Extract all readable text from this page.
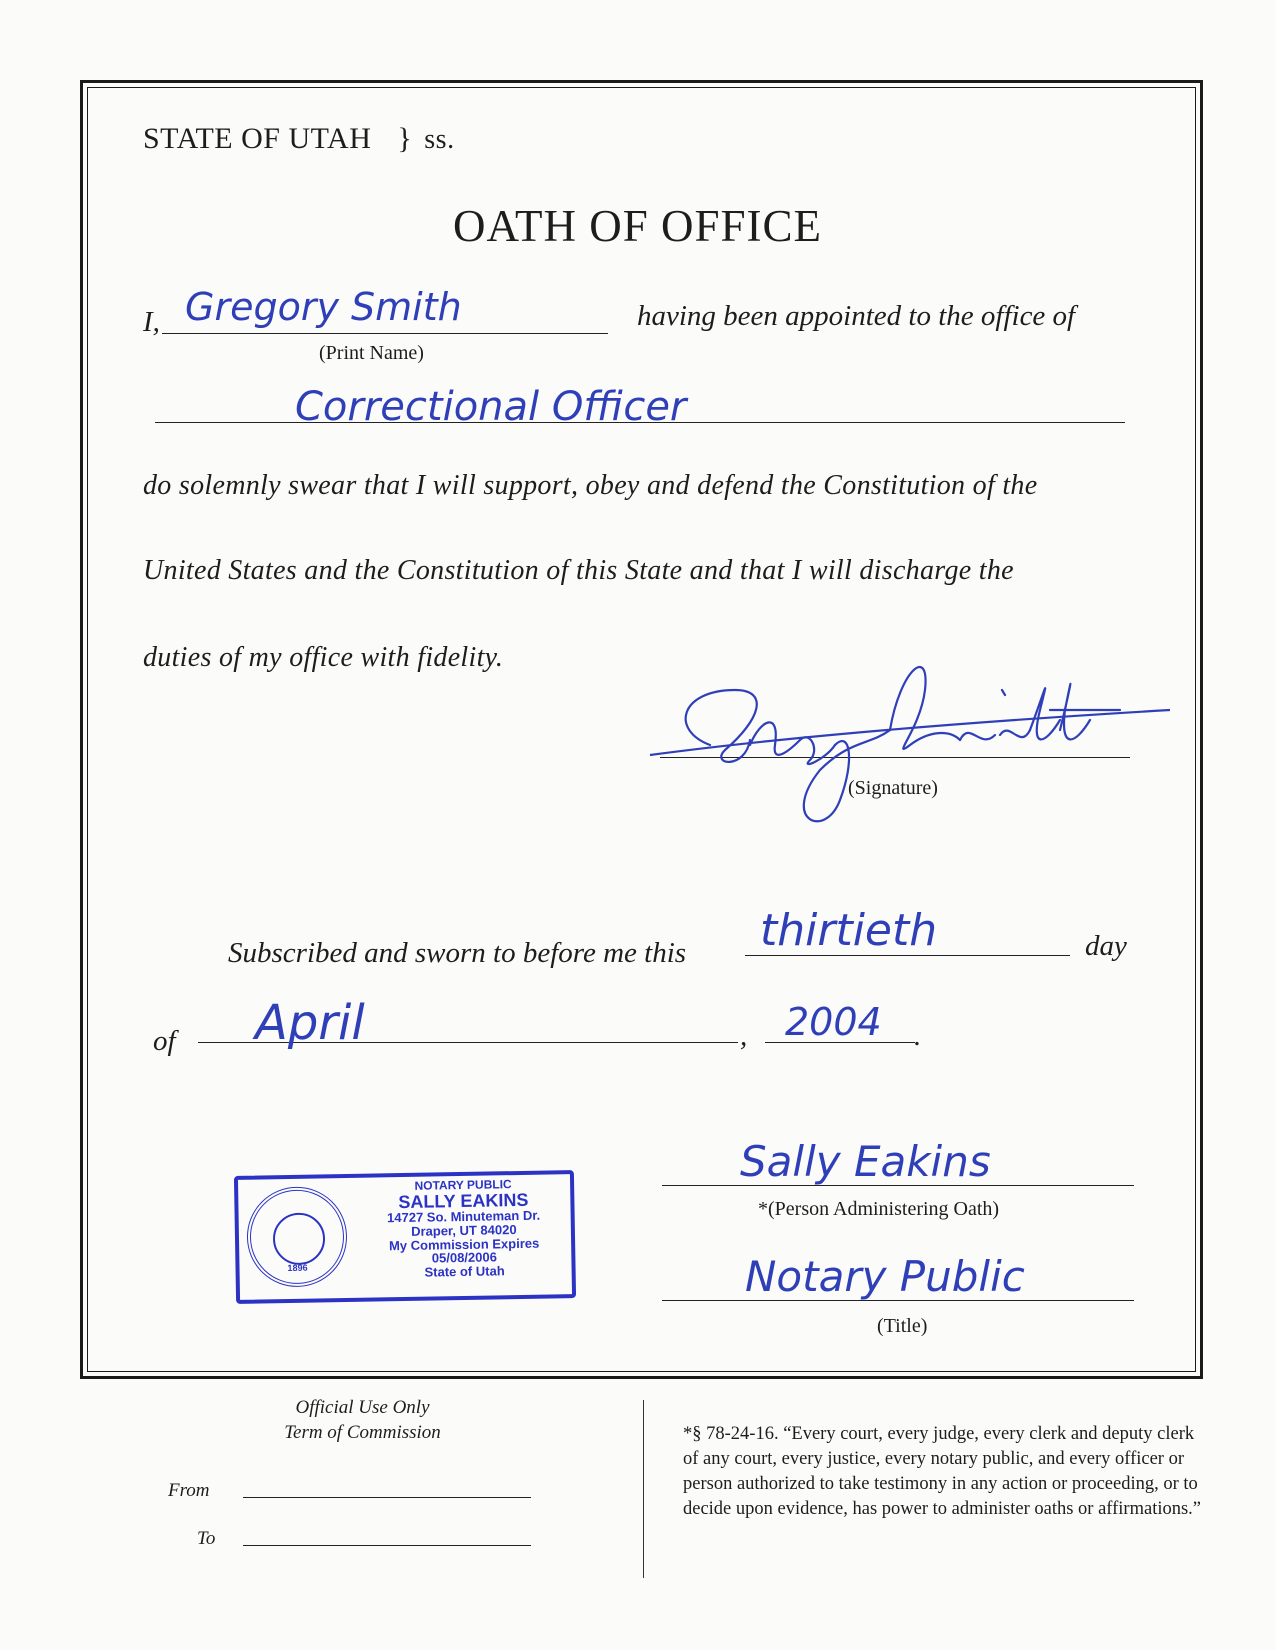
STATE OF UTAH } ss.
OATH OF OFFICE
I, Gregory Smith
(Print Name)
having been appointed to the office of
Correctional Officer
do solemnly swear that I will support, obey and defend the Constitution of the
United States and the Constitution of this State and that I will discharge the
duties of my office with fidelity.
(Signature)
Subscribed and sworn to before me this thirtieth	day
of April	, 2004 .
Sally Eakins
*(Person Administering Oath)
Notary Public
(Title)
1896
NOTARY PUBLIC
SALLY EAKINS
14727 So. Minuteman Dr.
Draper, UT 84020
My Commission Expires 05/08/2006
State of Utah
Official Use Only
Term of Commission
From
To
*§ 78-24-16. “Every court, every judge, every clerk and deputy clerk of any court, every justice, every notary public, and every officer or person authorized to take testimony in any action or proceeding, or to decide upon evidence, has power to administer oaths or affirmations.”
